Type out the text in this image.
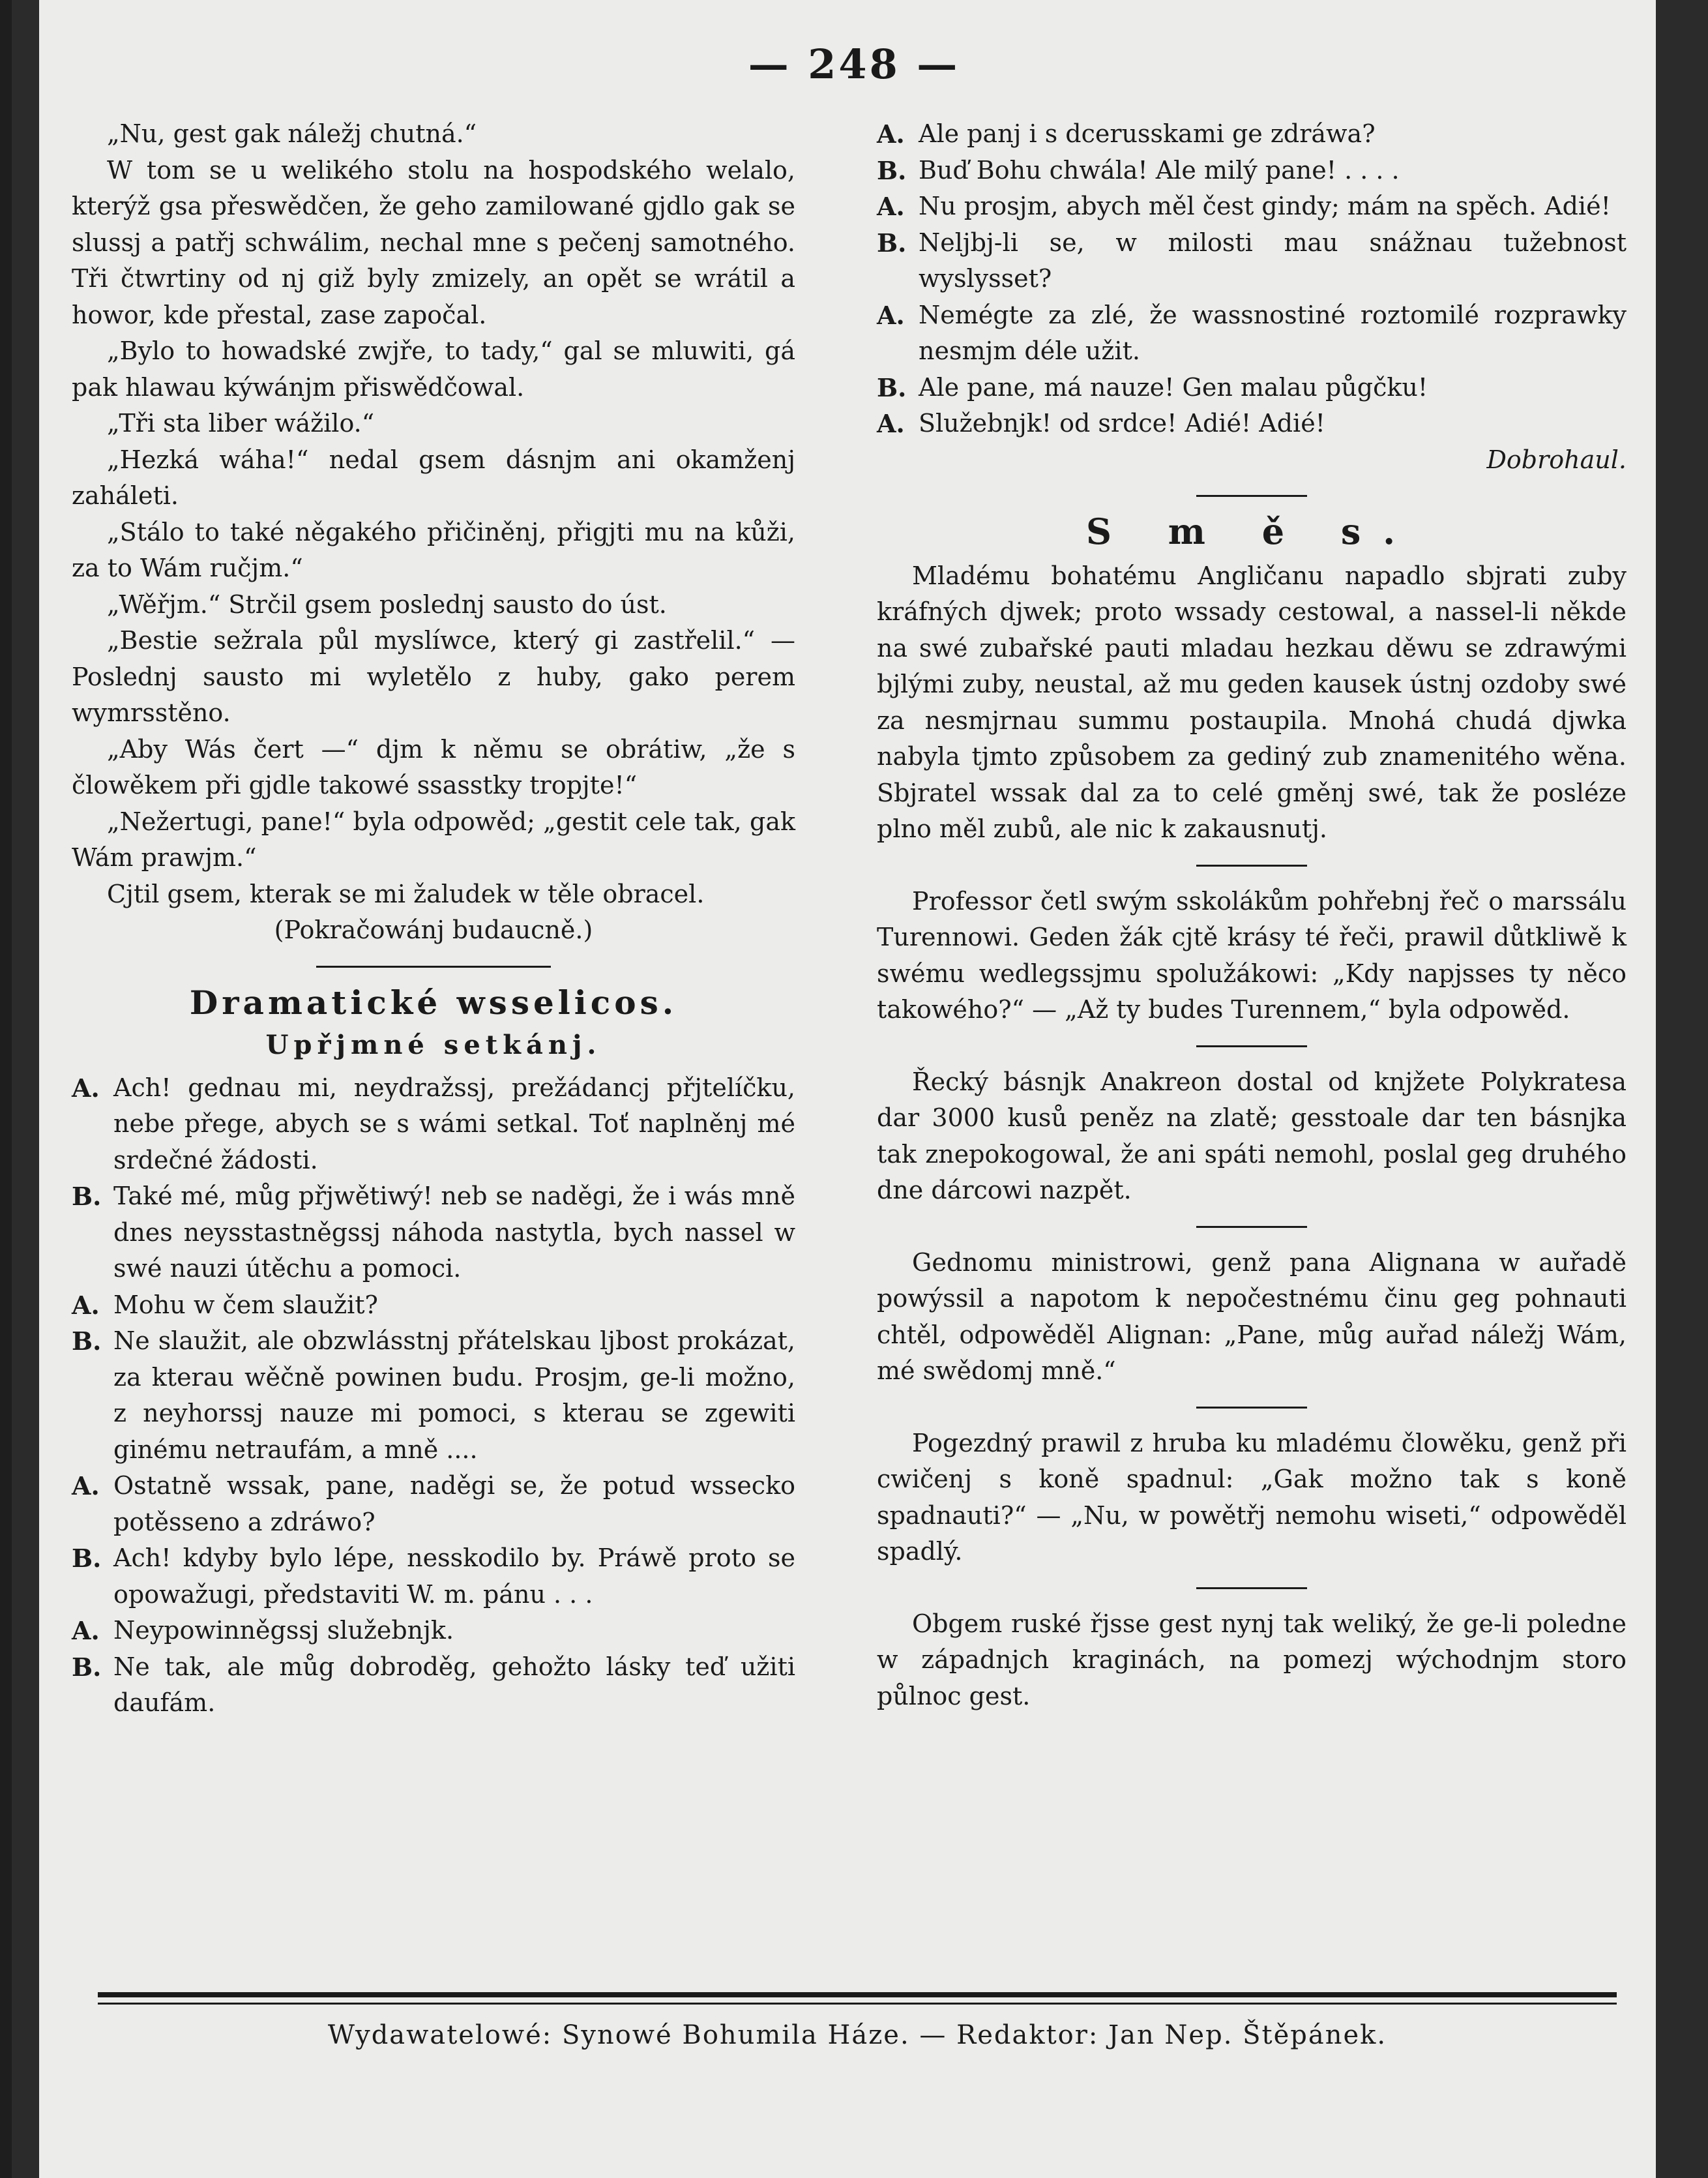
— 248 —

„Nu, gest gak náležj chutná.“

W tom se u welikého stolu na hospodského welalo, kterýž gsa přeswědčen, že geho zamilowané gjdlo gak se slussj a patřj schwálim, nechal mne s pečenj samotného. Tři čtwrtiny od nj giž byly zmizely, an opět se wrátil a howor, kde přestal, zase započal.

„Bylo to howadské zwjře, to tady,“ gal se mluwiti, gá pak hlawau kýwánjm přiswědčowal.

„Tři sta liber wážilo.“

„Hezká wáha!“ nedal gsem dásnjm ani okamženj zaháleti.

„Stálo to také něgakého přičiněnj, přigjti mu na kůži, za to Wám ručjm.“

„Wěřjm.“ Strčil gsem poslednj sausto do úst.

„Bestie sežrala půl myslíwce, který gi zastřelil.“ — Poslednj sausto mi wyletělo z huby, gako perem wymrsstěno.

„Aby Wás čert —“ djm k němu se obrátiw, „že s člowěkem při gjdle takowé ssasstky tropjte!“

„Nežertugi, pane!“ byla odpowěd; „gestit cele tak, gak Wám prawjm.“

Cjtil gsem, kterak se mi žaludek w těle obracel.

(Pokračowánj budaucně.)

Dramatické wsselicos.
Upřjmné setkánj.
A. Ach! gednau mi, neydražssj, prežádancj přjtelíčku, nebe přege, abych se s wámi setkal. Toť naplněnj mé srdečné žádosti.
B. Také mé, můg přjwětiwý! neb se naděgi, že i wás mně dnes neysstastněgssj náhoda nastytla, bych nassel w swé nauzi útěchu a pomoci.
A. Mohu w čem slaužit?
B. Ne slaužit, ale obzwlásstnj přátelskau ljbost prokázat, za kterau wěčně powinen budu. Prosjm, ge-li možno, z neyhorssj nauze mi pomoci, s kterau se zgewiti ginému netraufám, a mně ....
A. Ostatně wssak, pane, naděgi se, že potud wssecko potěsseno a zdráwo?
B. Ach! kdyby bylo lépe, nesskodilo by. Práwě proto se opowažugi, představiti W. m. pánu . . .
A. Neypowinněgssj služebnjk.
B. Ne tak, ale můg dobroděg, gehožto lásky teď užiti daufám.
A. Ale panj i s dcerusskami ge zdráwa?
B. Buď Bohu chwála! Ale milý pane! . . . .
A. Nu prosjm, abych měl čest gindy; mám na spěch. Adié!
B. Neljbj-li se, w milosti mau snážnau tužebnost wyslysset?
A. Nemégte za zlé, že wassnostiné roztomilé rozprawky nesmjm déle užit.
B. Ale pane, má nauze! Gen malau půgčku!
A. Služebnjk! od srdce! Adié! Adié!

Dobrohaul.

S m ě s.

Mladému bohatému Angličanu napadlo sbjrati zuby kráfných djwek; proto wssady cestowal, a nassel-li někde na swé zubařské pauti mladau hezkau děwu se zdrawými bjlými zuby, neustal, až mu geden kausek ústnj ozdoby swé za nesmjrnau summu postaupila. Mnohá chudá djwka nabyla tjmto způsobem za gediný zub znamenitého wěna. Sbjratel wssak dal za to celé gměnj swé, tak že posléze plno měl zubů, ale nic k zakausnutj.

Professor četl swým sskolákům pohřebnj řeč o marssálu Turennowi. Geden žák cjtě krásy té řeči, prawil důtkliwě k swému wedlegssjmu spolužákowi: „Kdy napjsses ty něco takowého?“ — „Až ty budes Turennem,“ byla odpowěd.

Řecký básnjk Anakreon dostal od knjžete Polykratesa dar 3000 kusů peněz na zlatě; gesstoale dar ten básnjka tak znepokogowal, že ani spáti nemohl, poslal geg druhého dne dárcowi nazpět.

Gednomu ministrowi, genž pana Alignana w auřadě powýssil a napotom k nepočestnému činu geg pohnauti chtěl, odpowěděl Alignan: „Pane, můg auřad náležj Wám, mé swědomj mně.“

Pogezdný prawil z hruba ku mladému člowěku, genž při cwičenj s koně spadnul: „Gak možno tak s koně spadnauti?“ — „Nu, w powětřj nemohu wiseti,“ odpowěděl spadlý.

Obgem ruské řjsse gest nynj tak weliký, že ge-li poledne w západnjch kraginách, na pomezj wýchodnjm storo půlnoc gest.

Wydawatelowé: Synowé Bohumila Háze. — Redaktor: Jan Nep. Štěpánek.
